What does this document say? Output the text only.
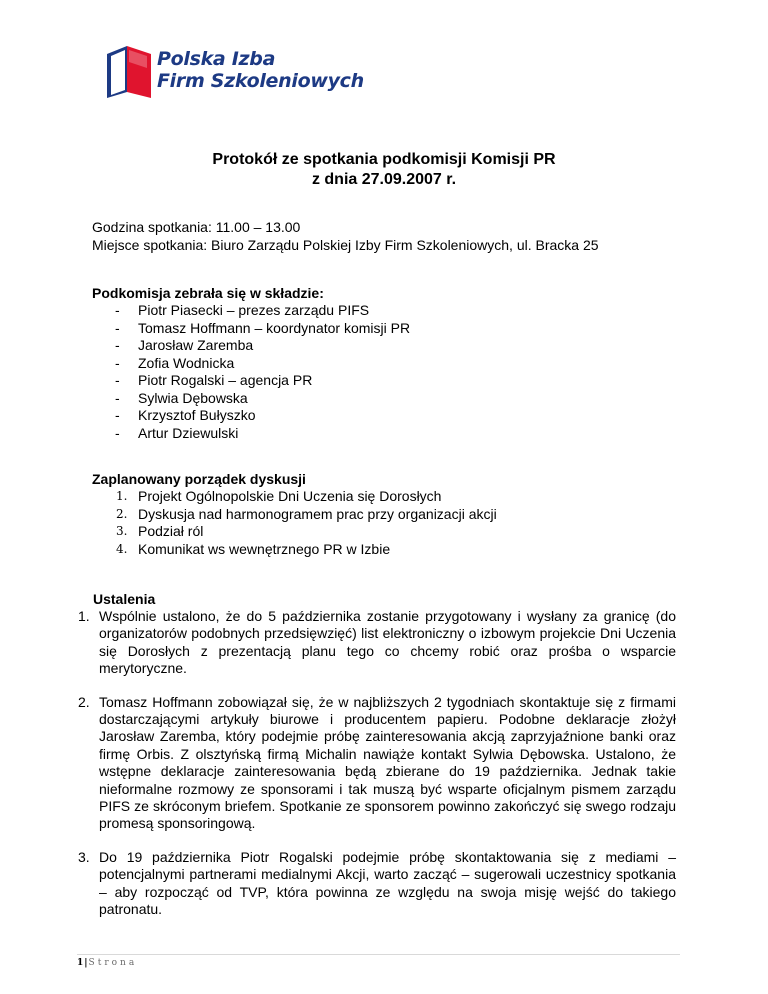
Polska Izba
Firm Szkoleniowych
Protokół ze spotkania podkomisji Komisji PR
z dnia 27.09.2007 r.
Godzina spotkania: 11.00 – 13.00
Miejsce spotkania: Biuro Zarządu Polskiej Izby Firm Szkoleniowych, ul. Bracka 25
Podkomisja zebrała się w składzie:
- Piotr Piasecki – prezes zarządu PIFS
- Tomasz Hoffmann – koordynator komisji PR
- Jarosław Zaremba
- Zofia Wodnicka
- Piotr Rogalski – agencja PR
- Sylwia Dębowska
- Krzysztof Bułyszko
- Artur Dziewulski
Zaplanowany porządek dyskusji
1. Projekt Ogólnopolskie Dni Uczenia się Dorosłych
2. Dyskusja nad harmonogramem prac przy organizacji akcji
3. Podział ról
4. Komunikat ws wewnętrznego PR w Izbie
Ustalenia
1. Wspólnie ustalono, że do 5 października zostanie przygotowany i wysłany za granicę (do organizatorów podobnych przedsięwzięć) list elektroniczny o izbowym projekcie Dni Uczenia się Dorosłych z prezentacją planu tego co chcemy robić oraz prośba o wsparcie merytoryczne.
2. Tomasz Hoffmann zobowiązał się, że w najbliższych 2 tygodniach skontaktuje się z firmami dostarczającymi artykuły biurowe i producentem papieru. Podobne deklaracje złożył Jarosław Zaremba, który podejmie próbę zainteresowania akcją zaprzyjaźnione banki oraz firmę Orbis. Z olsztyńską firmą Michalin nawiąże kontakt Sylwia Dębowska. Ustalono, że wstępne deklaracje zainteresowania będą zbierane do 19 października. Jednak takie nieformalne rozmowy ze sponsorami i tak muszą być wsparte oficjalnym pismem zarządu PIFS ze skróconym briefem. Spotkanie ze sponsorem powinno zakończyć się swego rodzaju promesą sponsoringową.
3. Do 19 października Piotr Rogalski podejmie próbę skontaktowania się z mediami – potencjalnymi partnerami medialnymi Akcji, warto zacząć – sugerowali uczestnicy spotkania – aby rozpocząć od TVP, która powinna ze względu na swoja misję wejść do takiego patronatu.
1|Strona
